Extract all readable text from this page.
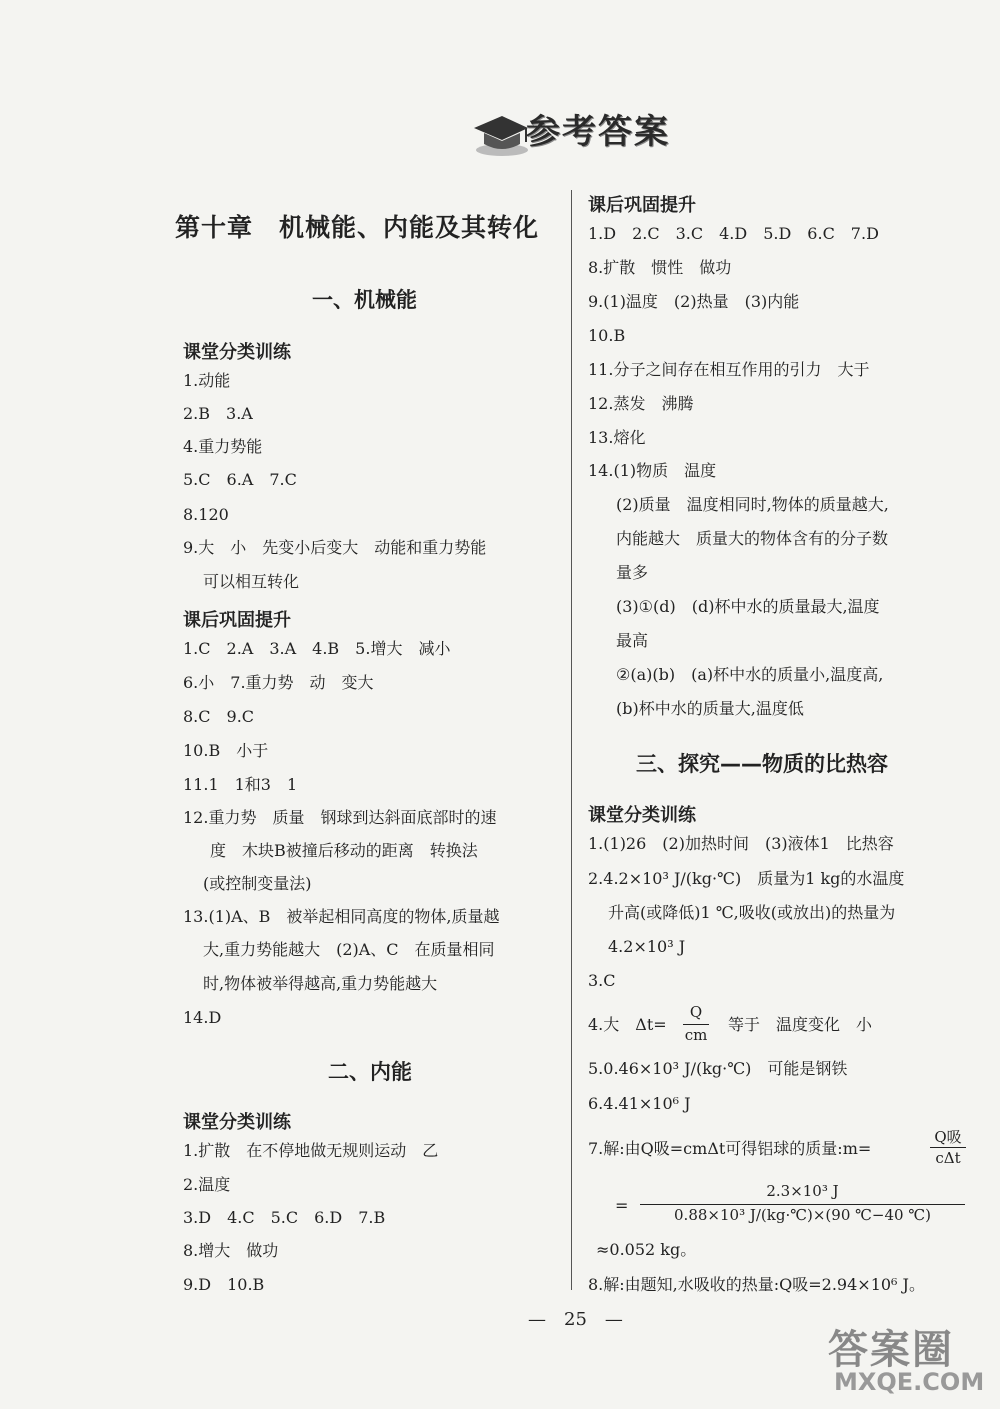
参考答案
第十章　机械能、内能及其转化
一、机械能
课堂分类训练
1.动能
2.B　3.A
4.重力势能
5.C　6.A　7.C
8.120
9.大　小　先变小后变大　动能和重力势能
可以相互转化
课后巩固提升
1.C　2.A　3.A　4.B　5.增大　减小
6.小　7.重力势　动　变大
8.C　9.C
10.B　小于
11.1　1和3　1
12.重力势　质量　钢球到达斜面底部时的速
度　木块B被撞后移动的距离　转换法
(或控制变量法)
13.(1)A、B　被举起相同高度的物体,质量越
大,重力势能越大　(2)A、C　在质量相同
时,物体被举得越高,重力势能越大
14.D
二、内能
课堂分类训练
1.扩散　在不停地做无规则运动　乙
2.温度
3.D　4.C　5.C　6.D　7.B
8.增大　做功
9.D　10.B
课后巩固提升
1.D　2.C　3.C　4.D　5.D　6.C　7.D
8.扩散　惯性　做功
9.(1)温度　(2)热量　(3)内能
10.B
11.分子之间存在相互作用的引力　大于
12.蒸发　沸腾
13.熔化
14.(1)物质　温度
(2)质量　温度相同时,物体的质量越大,
内能越大　质量大的物体含有的分子数
量多
(3)①(d)　(d)杯中水的质量最大,温度
最高
②(a)(b)　(a)杯中水的质量小,温度高,
(b)杯中水的质量大,温度低
三、探究——物质的比热容
课堂分类训练
1.(1)26　(2)加热时间　(3)液体1　比热容
2.4.2×10³ J/(kg·℃)　质量为1 kg的水温度
升高(或降低)1 ℃,吸收(或放出)的热量为
4.2×10³ J
3.C
4.大　Δt=
Q
cm
等于　温度变化　小
5.0.46×10³ J/(kg·℃)　可能是钢铁
6.4.41×10⁶ J
7.解:由Q吸=cmΔt可得铝球的质量:m=
Q吸
cΔt
=
2.3×10³ J
0.88×10³ J/(kg·℃)×(90 ℃−40 ℃)
≈0.052 kg。
8.解:由题知,水吸收的热量:Q吸=2.94×10⁶ J。
—　25　—
答案圈
MXQE.COM
